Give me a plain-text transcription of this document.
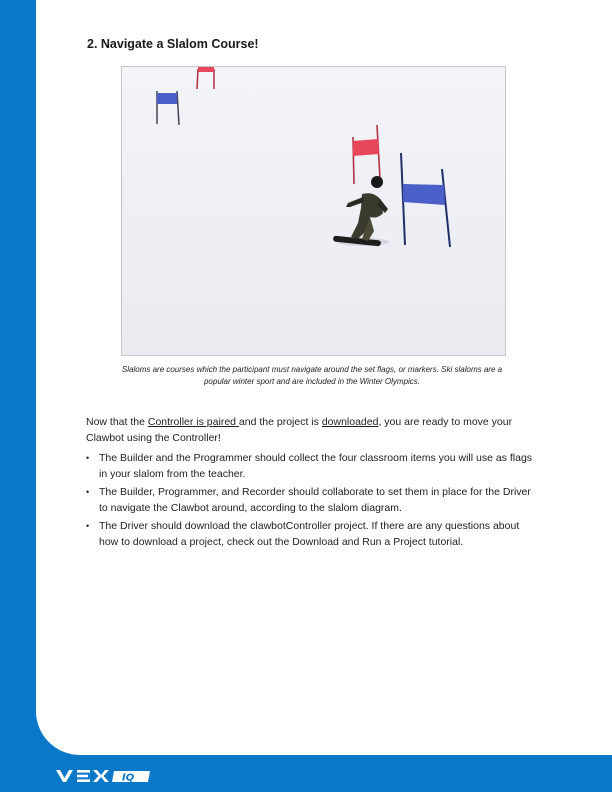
2. Navigate a Slalom Course!
Slaloms are courses which the participant must navigate around the set flags, or markers. Ski slaloms are a
popular winter sport and are included in the Winter Olympics.

Now that the Controller is paired and the project is downloaded, you are ready to move your Clawbot using the Controller!

• The Builder and the Programmer should collect the four classroom items you will use as flags in your slalom from the teacher.
• The Builder, Programmer, and Recorder should collaborate to set them in place for the Driver to navigate the Clawbot around, according to the slalom diagram.
• The Driver should download the clawbotController project. If there are any questions about how to download a project, check out the Download and Run a Project tutorial.
IQ
